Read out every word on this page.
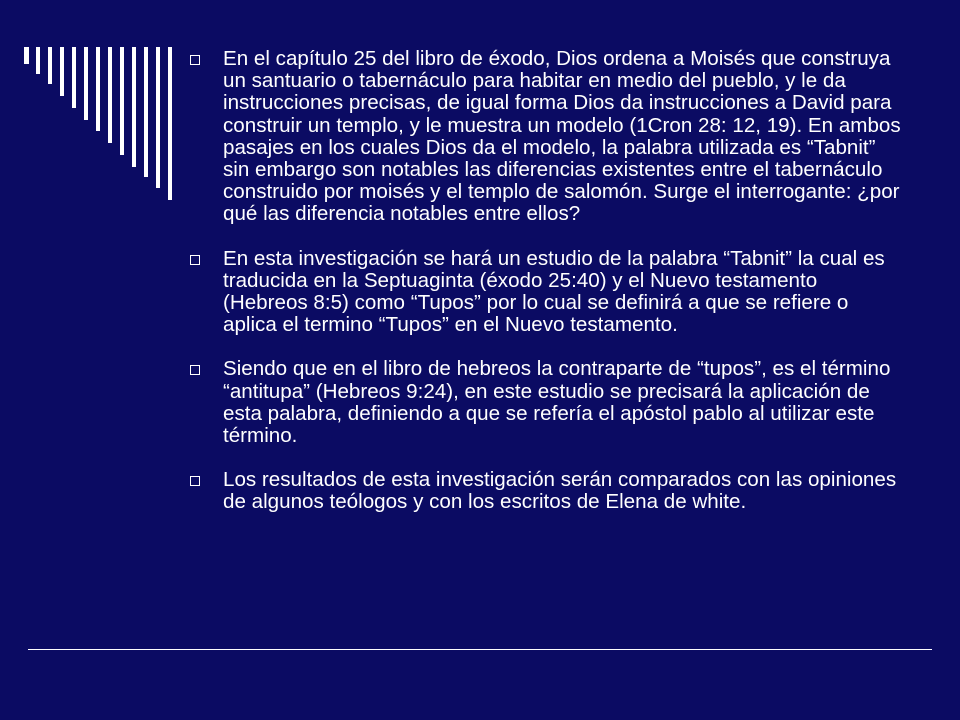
En el capítulo 25 del libro de éxodo, Dios ordena a Moisés que construya un santuario o tabernáculo para habitar en medio del pueblo, y le da instrucciones precisas, de igual forma Dios da instrucciones a David para construir un templo, y le muestra un modelo (1Cron 28: 12, 19). En ambos pasajes en los cuales Dios da el modelo, la palabra utilizada es “Tabnit” sin embargo son notables las diferencias existentes entre el tabernáculo construido por moisés y el templo de salomón. Surge el interrogante: ¿por qué las diferencia notables entre ellos?
En esta investigación se hará un estudio de la palabra “Tabnit” la cual es traducida en la Septuaginta (éxodo 25:40) y el Nuevo testamento (Hebreos 8:5) como “Tupos” por lo cual se definirá a que se refiere o aplica el termino “Tupos” en el Nuevo testamento.
Siendo que en el libro de hebreos la contraparte de “tupos”, es el término “antitupa” (Hebreos 9:24), en este estudio se precisará la aplicación de esta palabra, definiendo a que se refería el apóstol pablo al utilizar este término.
Los resultados de esta investigación serán comparados con las opiniones de algunos teólogos y con los escritos de Elena de white.
